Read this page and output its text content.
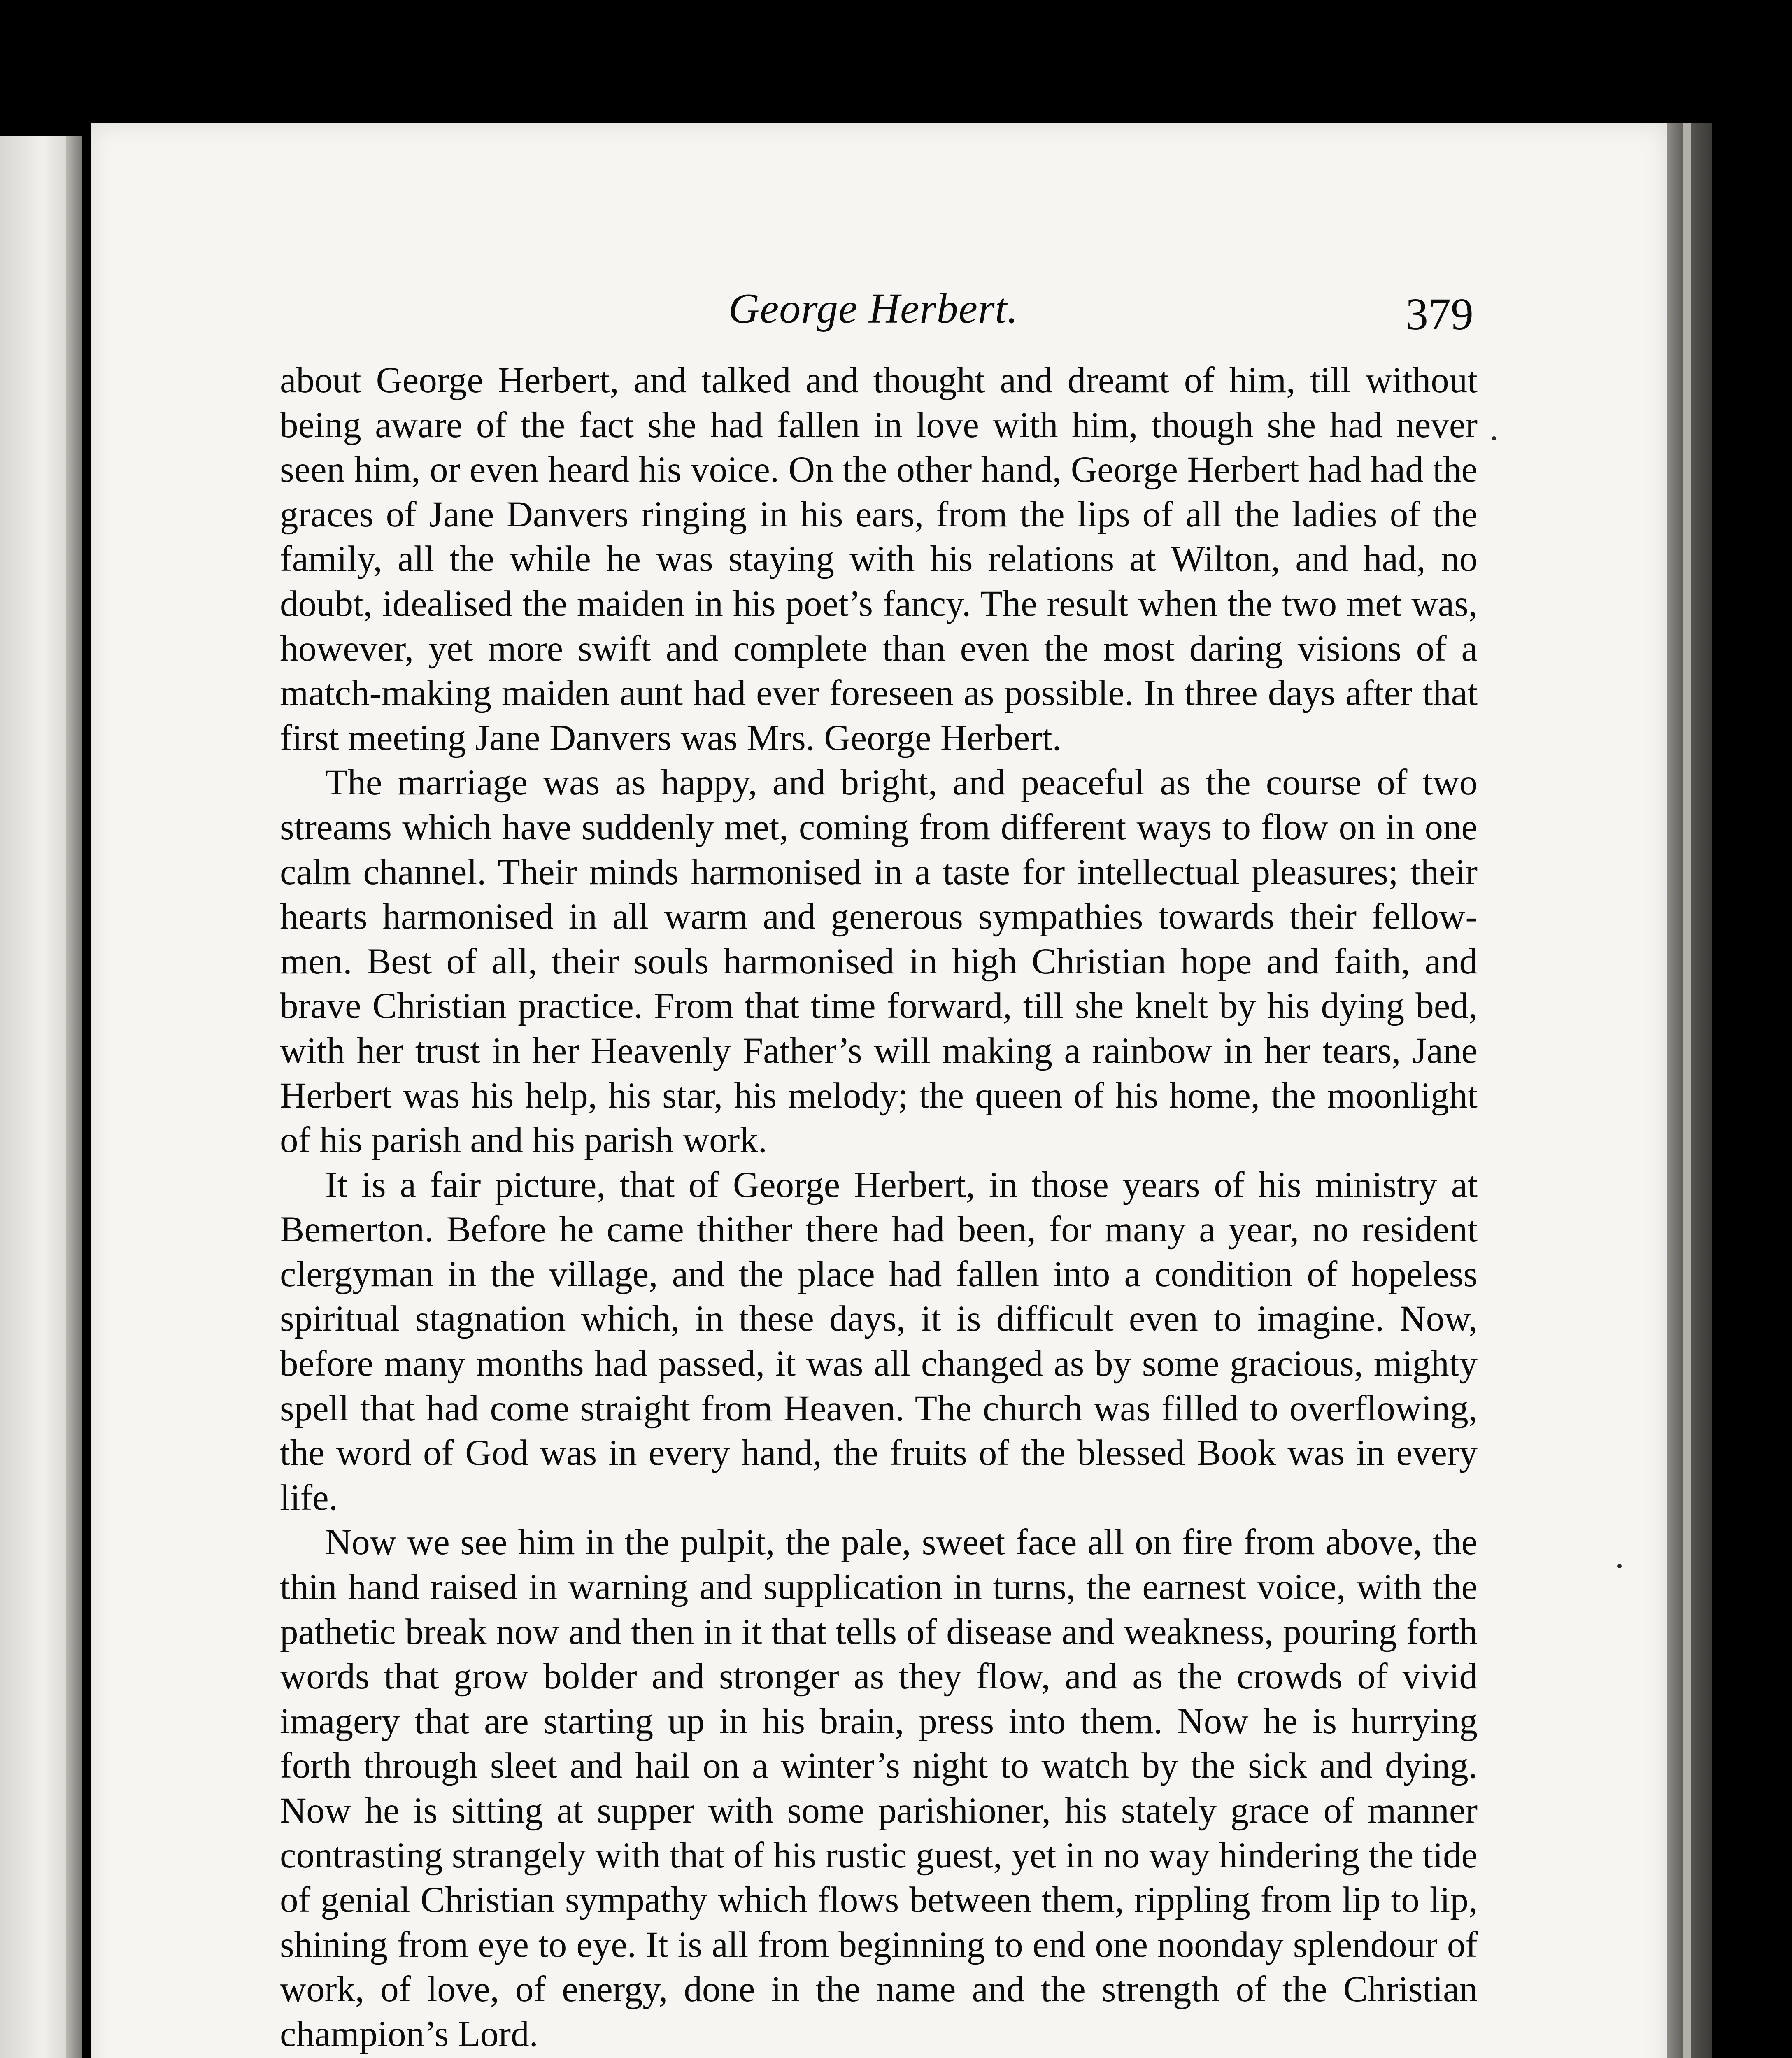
George Herbert.	379

about George Herbert, and talked and thought and dreamt of him, till without being aware of the fact she had fallen in love with him, though she had never seen him, or even heard his voice. On the other hand, George Herbert had had the graces of Jane Danvers ringing in his ears, from the lips of all the ladies of the family, all the while he was staying with his relations at Wilton, and had, no doubt, idealised the maiden in his poet’s fancy. The result when the two met was, however, yet more swift and complete than even the most daring visions of a match-making maiden aunt had ever foreseen as possible. In three days after that first meeting Jane Danvers was Mrs. George Herbert.

The marriage was as happy, and bright, and peaceful as the course of two streams which have suddenly met, coming from different ways to flow on in one calm channel. Their minds harmonised in a taste for intellectual pleasures; their hearts harmonised in all warm and generous sympathies towards their fellow-men. Best of all, their souls harmonised in high Christian hope and faith, and brave Christian practice. From that time forward, till she knelt by his dying bed, with her trust in her Heavenly Father’s will making a rainbow in her tears, Jane Herbert was his help, his star, his melody; the queen of his home, the moonlight of his parish and his parish work.

It is a fair picture, that of George Herbert, in those years of his ministry at Bemerton. Before he came thither there had been, for many a year, no resident clergyman in the village, and the place had fallen into a condition of hopeless spiritual stagnation which, in these days, it is difficult even to imagine. Now, before many months had passed, it was all changed as by some gracious, mighty spell that had come straight from Heaven. The church was filled to overflowing, the word of God was in every hand, the fruits of the blessed Book was in every life.

Now we see him in the pulpit, the pale, sweet face all on fire from above, the thin hand raised in warning and supplication in turns, the earnest voice, with the pathetic break now and then in it that tells of disease and weakness, pouring forth words that grow bolder and stronger as they flow, and as the crowds of vivid imagery that are starting up in his brain, press into them. Now he is hurrying forth through sleet and hail on a winter’s night to watch by the sick and dying. Now he is sitting at supper with some parishioner, his stately grace of manner contrasting strangely with that of his rustic guest, yet in no way hindering the tide of genial Christian sympathy which flows between them, rippling from lip to lip, shining from eye to eye. It is all from beginning to end one noonday splendour of work, of love, of energy, done in the name and the strength of the Christian champion’s Lord.
